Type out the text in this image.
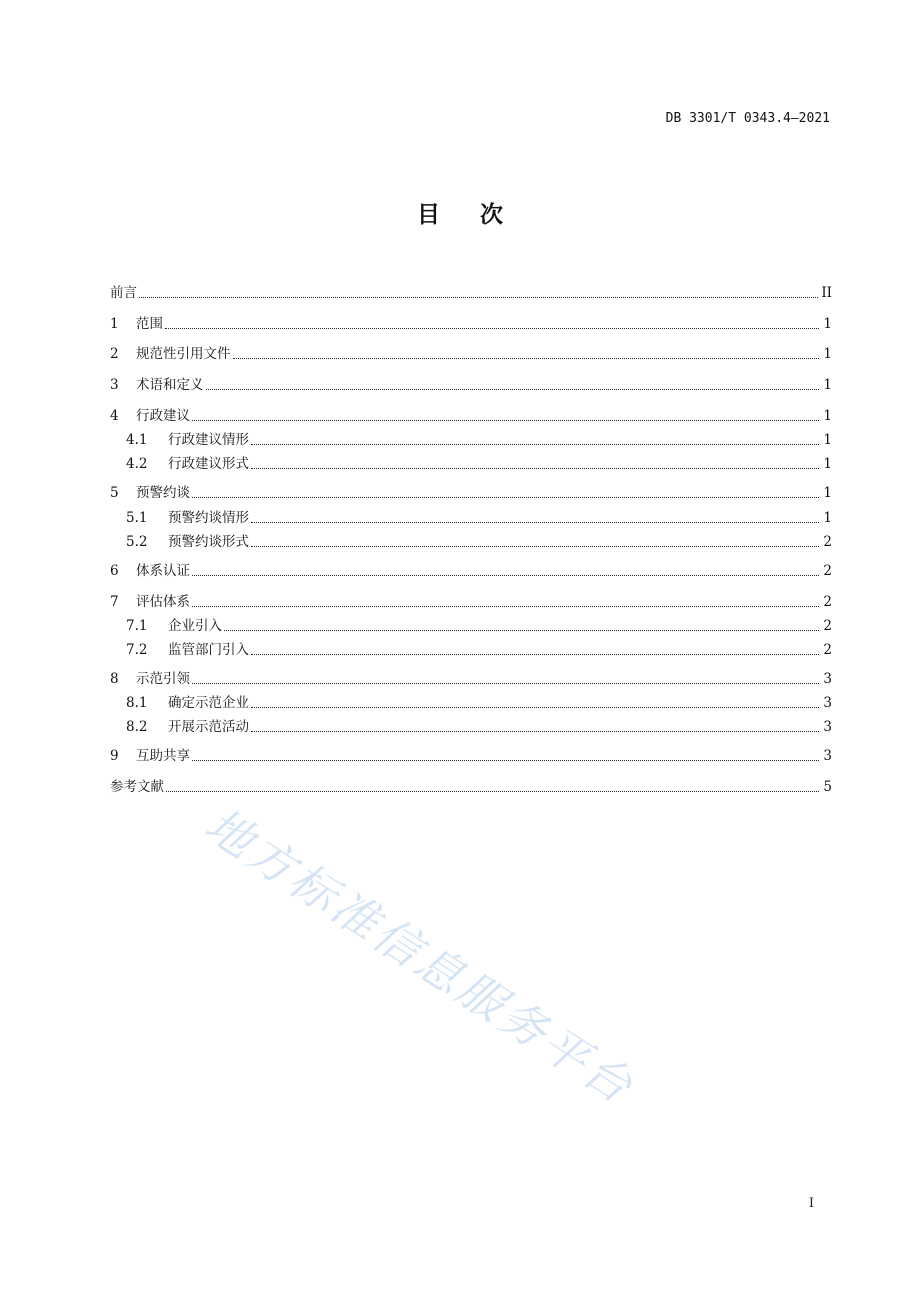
DB 3301/T 0343.4—2021
目 次
前言	II
1	范围	1
2	规范性引用文件	1
3	术语和定义	1
4	行政建议	1
4.1	行政建议情形	1
4.2	行政建议形式	1
5	预警约谈	1
5.1	预警约谈情形	1
5.2	预警约谈形式	2
6	体系认证	2
7	评估体系	2
7.1	企业引入	2
7.2	监管部门引入	2
8	示范引领	3
8.1	确定示范企业	3
8.2	开展示范活动	3
9	互助共享	3
参考文献	5
地方标准信息服务平台
I
